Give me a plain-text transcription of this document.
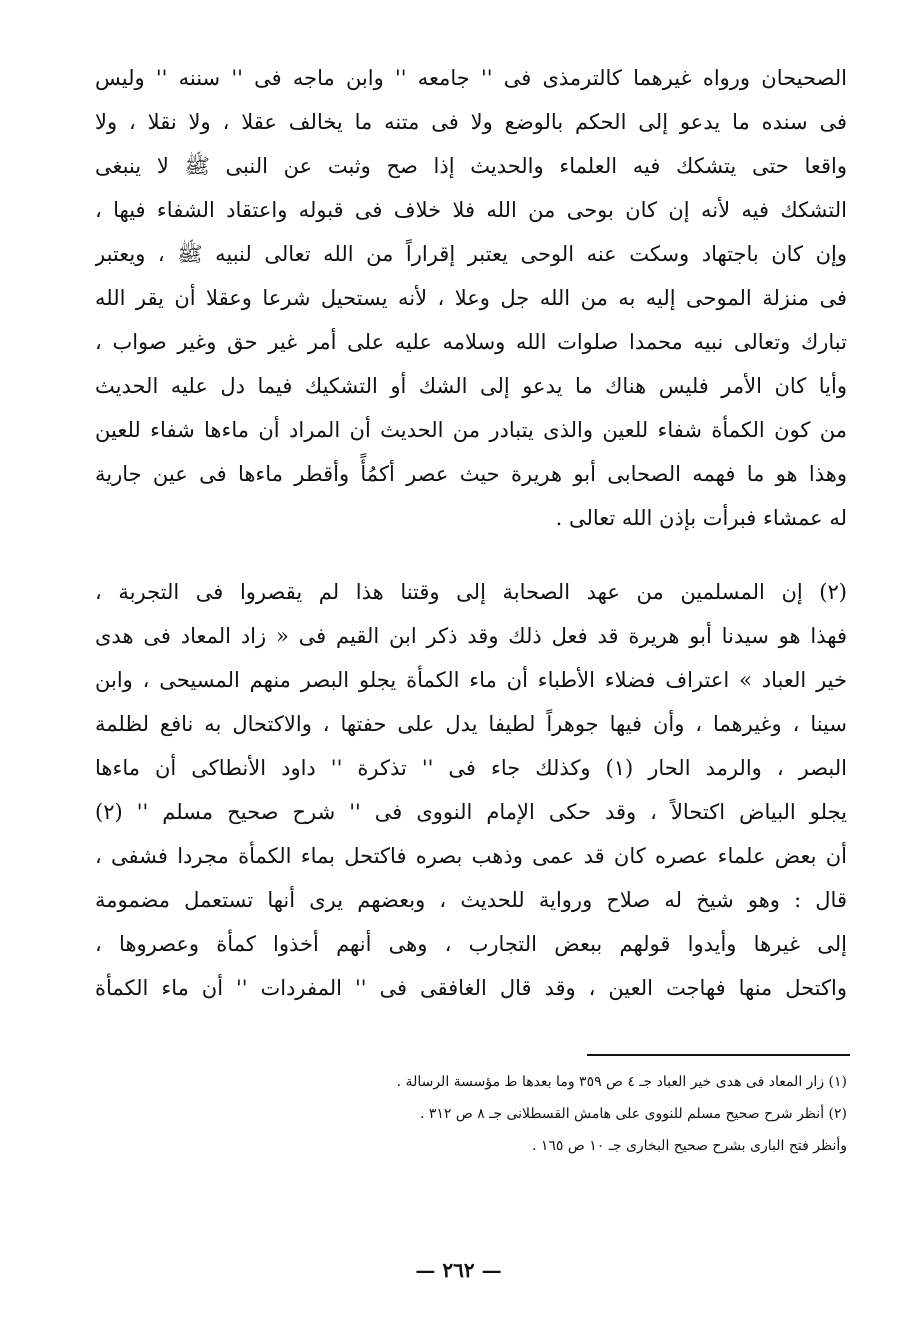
الصحيحان ورواه غيرهما كالترمذى فى '' جامعه '' وابن ماجه فى '' سننه '' وليس
فى سنده ما يدعو إلى الحكم بالوضع ولا فى متنه ما يخالف عقلا ، ولا نقلا ، ولا
واقعا حتى يتشكك فيه العلماء والحديث إذا صح وثبت عن النبى ﷺ لا ينبغى
التشكك فيه لأنه إن كان بوحى من الله فلا خلاف فى قبوله واعتقاد الشفاء فيها ،
وإن كان باجتهاد وسكت عنه الوحى يعتبر إقراراً من الله تعالى لنبيه ﷺ ، ويعتبر
فى منزلة الموحى إليه به من الله جل وعلا ، لأنه يستحيل شرعا وعقلا أن يقر الله
تبارك وتعالى نبيه محمدا صلوات الله وسلامه عليه على أمر غير حق وغير صواب ،
وأيا كان الأمر فليس هناك ما يدعو إلى الشك أو التشكيك فيما دل عليه الحديث
من كون الكمأة شفاء للعين والذى يتبادر من الحديث أن المراد أن ماءها شفاء للعين
وهذا هو ما فهمه الصحابى أبو هريرة حيث عصر أكمُأً وأقطر ماءها فى عين جارية
له عمشاء فبرأت بإذن الله تعالى .
(٢) إن المسلمين من عهد الصحابة إلى وقتنا هذا لم يقصروا فى التجربة ،
فهذا هو سيدنا أبو هريرة قد فعل ذلك وقد ذكر ابن القيم فى « زاد المعاد فى هدى
خير العباد » اعتراف فضلاء الأطباء أن ماء الكمأة يجلو البصر منهم المسيحى ، وابن
سينا ، وغيرهما ، وأن فيها جوهراً لطيفا يدل على حفتها ، والاكتحال به نافع لظلمة
البصر ، والرمد الحار (١) وكذلك جاء فى '' تذكرة '' داود الأنطاكى أن ماءها
يجلو البياض اكتحالاً ، وقد حكى الإمام النووى فى '' شرح صحيح مسلم '' (٢)
أن بعض علماء عصره كان قد عمى وذهب بصره فاكتحل بماء الكمأة مجردا فشفى ،
قال : وهو شيخ له صلاح ورواية للحديث ، وبعضهم يرى أنها تستعمل مضمومة
إلى غيرها وأيدوا قولهم ببعض التجارب ، وهى أنهم أخذوا كمأة وعصروها ،
واكتحل منها فهاجت العين ، وقد قال الغافقى فى '' المفردات '' أن ماء الكمأة
(١) زار المعاد فى هدى خير العباد جـ ٤ ص ٣٥٩ وما بعدها ط مؤسسة الرسالة .
(٢) أنظر شرح صحيح مسلم للنووى على هامش القسطلانى جـ ٨ ص ٣١٢ .
وأنظر فتح البارى بشرح صحيح البخارى جـ ١٠ ص ١٦٥ .
— ٢٦٢ —
